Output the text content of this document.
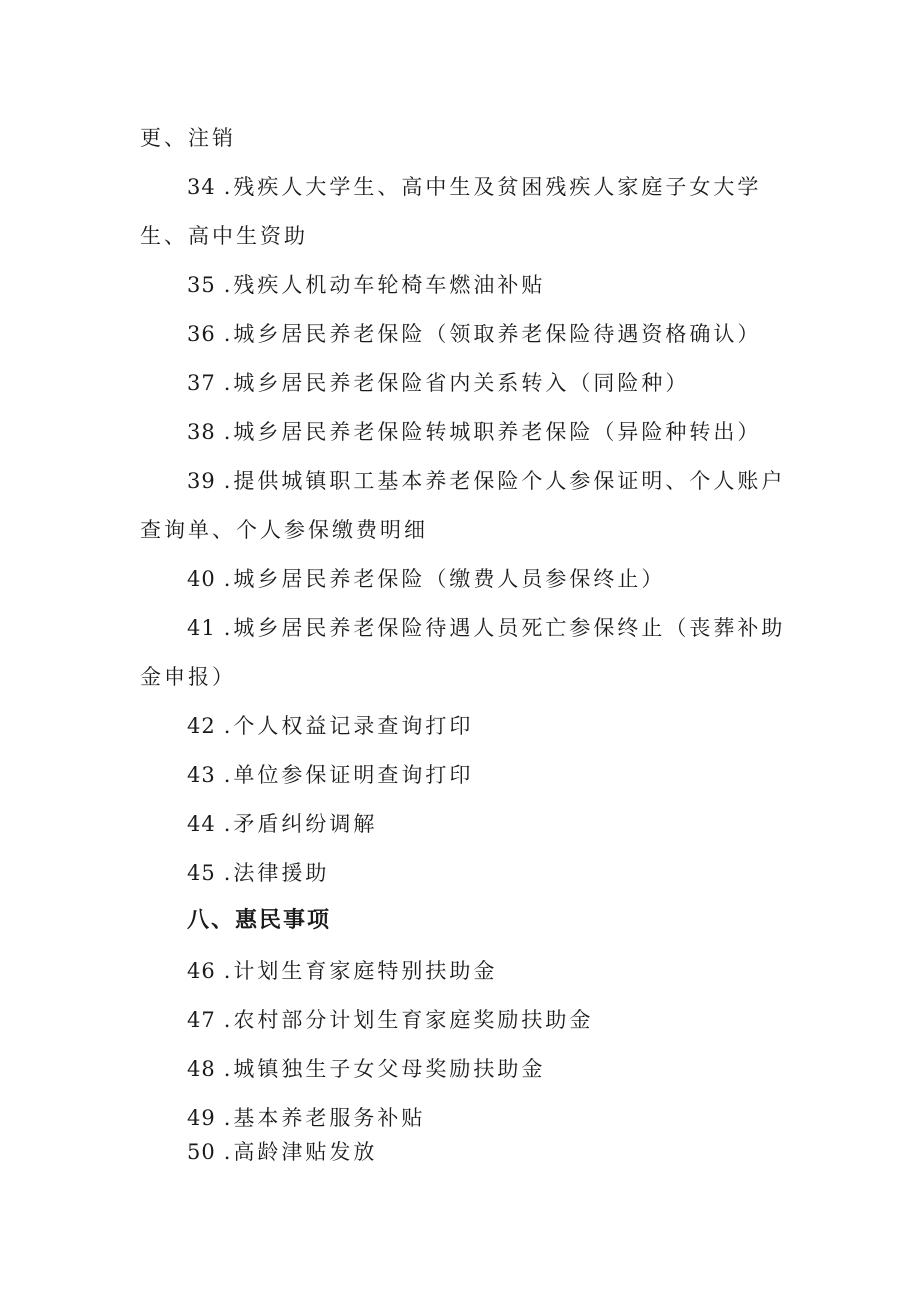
更、注销
34 .残疾人大学生、高中生及贫困残疾人家庭子女大学
生、高中生资助
35 .残疾人机动车轮椅车燃油补贴
36 .城乡居民养老保险（领取养老保险待遇资格确认）
37 .城乡居民养老保险省内关系转入（同险种）
38 .城乡居民养老保险转城职养老保险（异险种转出）
39 .提供城镇职工基本养老保险个人参保证明、个人账户
查询单、个人参保缴费明细
40 .城乡居民养老保险（缴费人员参保终止）
41 .城乡居民养老保险待遇人员死亡参保终止（丧葬补助
金申报）
42 .个人权益记录查询打印
43 .单位参保证明查询打印
44 .矛盾纠纷调解
45 .法律援助
八、惠民事项
46 .计划生育家庭特别扶助金
47 .农村部分计划生育家庭奖励扶助金
48 .城镇独生子女父母奖励扶助金
49 .基本养老服务补贴
50 .高龄津贴发放
